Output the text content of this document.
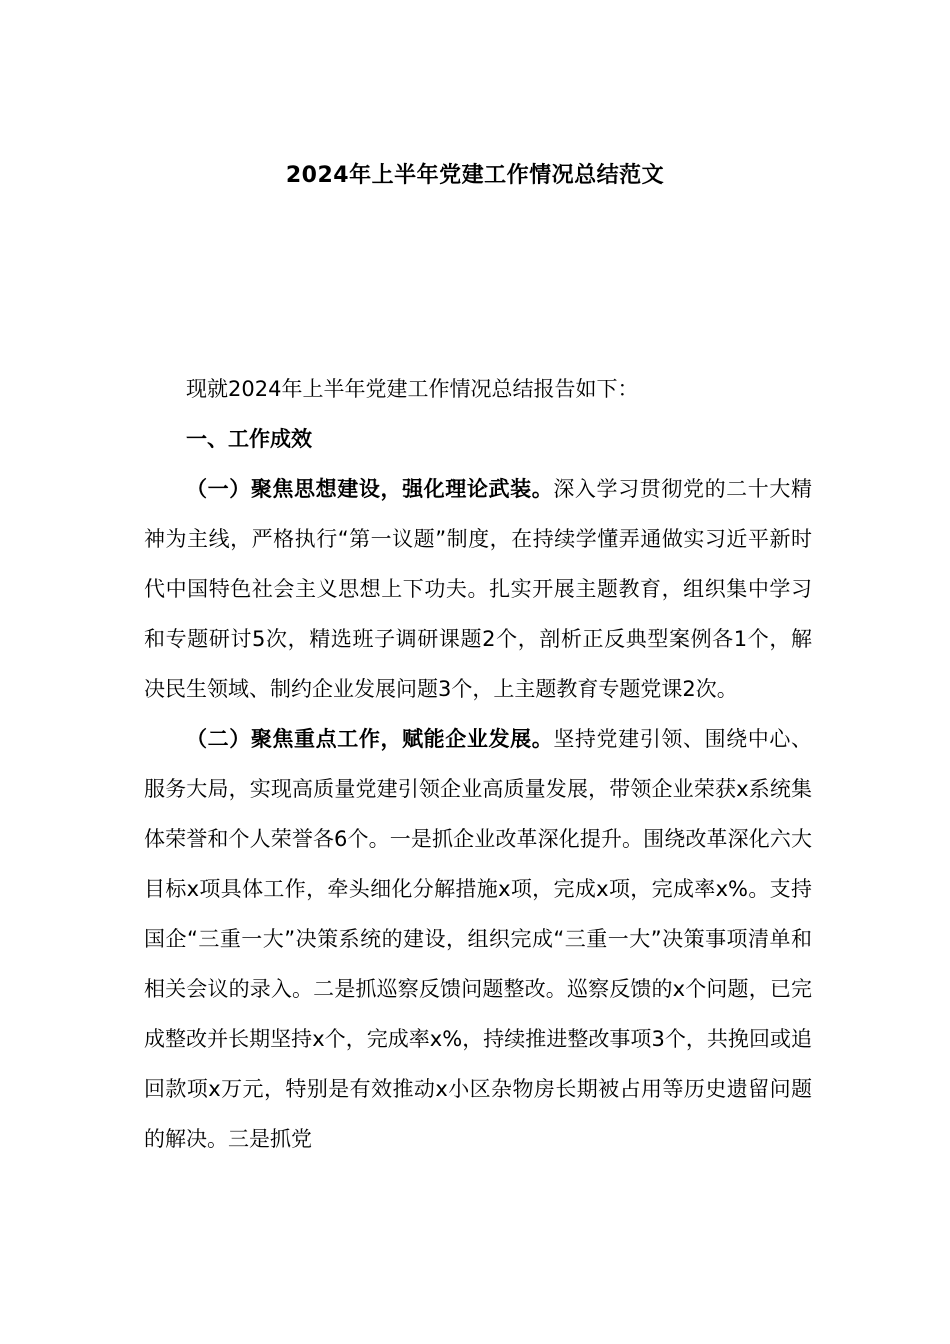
2024年上半年党建工作情况总结范文

现就2024年上半年党建工作情况总结报告如下：

一、工作成效

（一）聚焦思想建设，强化理论武装。深入学习贯彻党的二十大精神为主线，严格执行“第一议题”制度，在持续学懂弄通做实习近平新时代中国特色社会主义思想上下功夫。扎实开展主题教育，组织集中学习和专题研讨5次，精选班子调研课题2个，剖析正反典型案例各1个，解决民生领域、制约企业发展问题3个，上主题教育专题党课2次。

（二）聚焦重点工作，赋能企业发展。坚持党建引领、围绕中心、服务大局，实现高质量党建引领企业高质量发展，带领企业荣获x系统集体荣誉和个人荣誉各6个。一是抓企业改革深化提升。围绕改革深化六大目标x项具体工作，牵头细化分解措施x项，完成x项，完成率x%。支持国企“三重一大”决策系统的建设，组织完成“三重一大”决策事项清单和相关会议的录入。二是抓巡察反馈问题整改。巡察反馈的x个问题，已完成整改并长期坚持x个，完成率x%，持续推进整改事项3个，共挽回或追回款项x万元，特别是有效推动x小区杂物房长期被占用等历史遗留问题的解决。三是抓党
